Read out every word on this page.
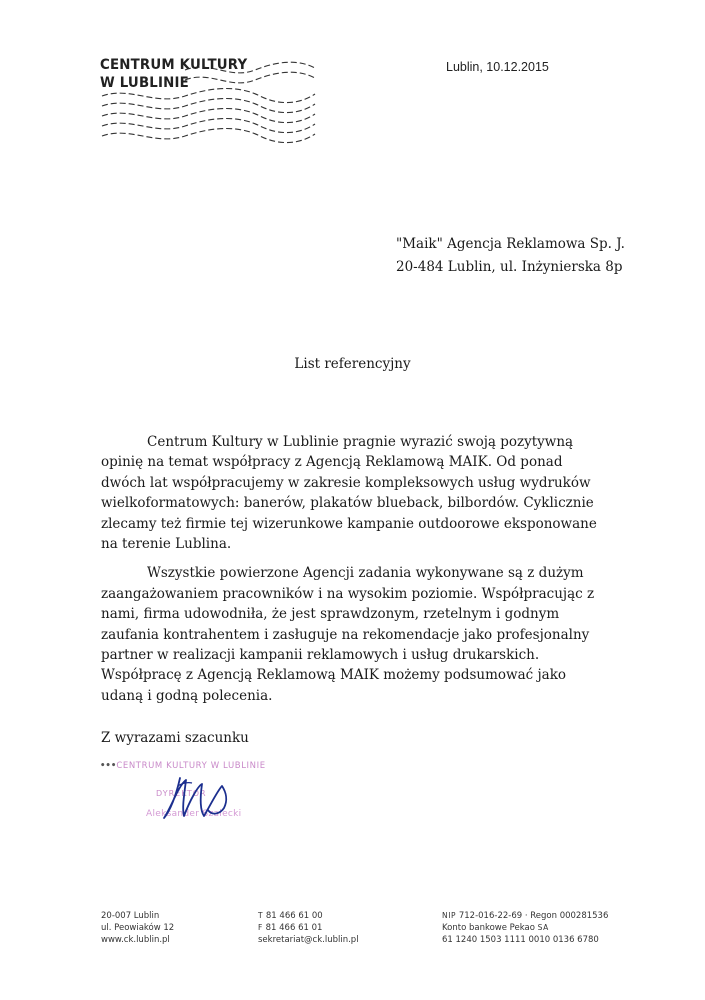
CENTRUM KULTURY
W LUBLINIE
Lublin, 10.12.2015
"Maik" Agencja Reklamowa Sp. J.
20-484 Lublin, ul. Inżynierska 8p
List referencyjny

Centrum Kultury w Lublinie pragnie wyrazić swoją pozytywną opinię na temat współpracy z Agencją Reklamową MAIK. Od ponad dwóch lat współpracujemy w zakresie kompleksowych usług wydruków wielkoformatowych: banerów, plakatów blueback, bilbordów. Cyklicznie zlecamy też firmie tej wizerunkowe kampanie outdoorowe eksponowane na terenie Lublina.

Wszystkie powierzone Agencji zadania wykonywane są z dużym zaangażowaniem pracowników i na wysokim poziomie. Współpracując z nami, firma udowodniła, że jest sprawdzonym, rzetelnym i godnym zaufania kontrahentem i zasługuje na rekomendacje jako profesjonalny partner w realizacji kampanii reklamowych i usług drukarskich. Współpracę z Agencją Reklamową MAIK możemy podsumować jako udaną i godną polecenia.

Z wyrazami szacunku
•••CENTRUM KULTURY W LUBLINIE
DYREKTOR
Aleksander Szalecki
20-007 Lublin
ul. Peowiaków 12
www.ck.lublin.pl
T 81 466 61 00
F 81 466 61 01
sekretariat@ck.lublin.pl
NIP 712-016-22-69 · Regon 000281536
Konto bankowe Pekao SA
61 1240 1503 1111 0010 0136 6780
